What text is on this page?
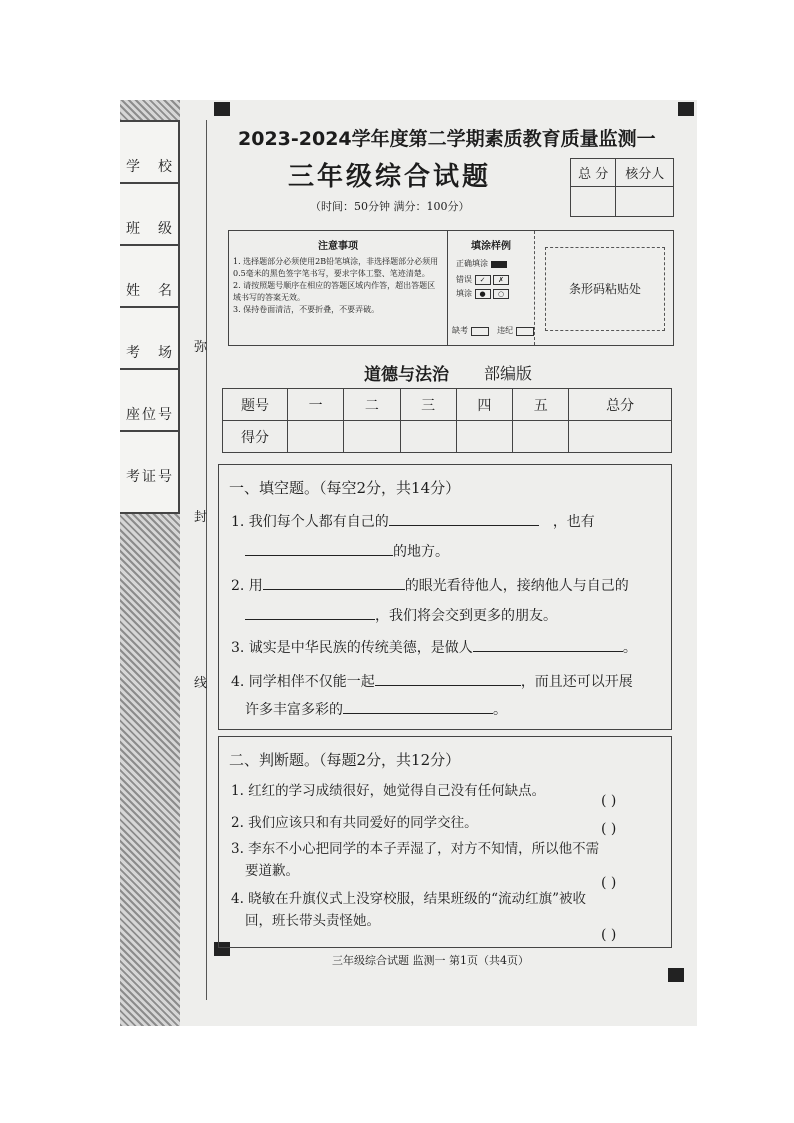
学　校
班　级
姓　名
考　场
座位号
考证号
弥
封
线
2023-2024学年度第二学期素质教育质量监测一
三年级综合试题
（时间：50分钟 满分：100分）
总 分	核分人

注意事项
1. 选择题部分必须使用2B铅笔填涂，非选择题部分必须用
0.5毫米的黑色签字笔书写，要求字体工整、笔迹清楚。
2. 请按照题号顺序在相应的答题区域内作答，超出答题区
域书写的答案无效。
3. 保持卷面清洁，不要折叠，不要弄破。
填涂样例
正确填涂
错误 ✓ ✗
填涂 ● ○
缺考	违纪
条形码粘贴处
道德与法治 部编版
题号	一	二	三	四	五	总分
得分						
一、填空题。（每空2分，共14分）
1. 我们每个人都有自己的	，也有
的地方。
2. 用	的眼光看待他人，接纳他人与自己的
，我们将会交到更多的朋友。
3. 诚实是中华民族的传统美德，是做人	。
4. 同学相伴不仅能一起	，而且还可以开展
许多丰富多彩的	。
二、判断题。（每题2分，共12分）
1. 红红的学习成绩很好，她觉得自己没有任何缺点。
( )
2. 我们应该只和有共同爱好的同学交往。	( )
3. 李东不小心把同学的本子弄湿了，对方不知情，所以他不需
要道歉。
( )
4. 晓敏在升旗仪式上没穿校服，结果班级的“流动红旗”被收
回，班长带头责怪她。
( )
三年级综合试题 监测一 第1页（共4页）
